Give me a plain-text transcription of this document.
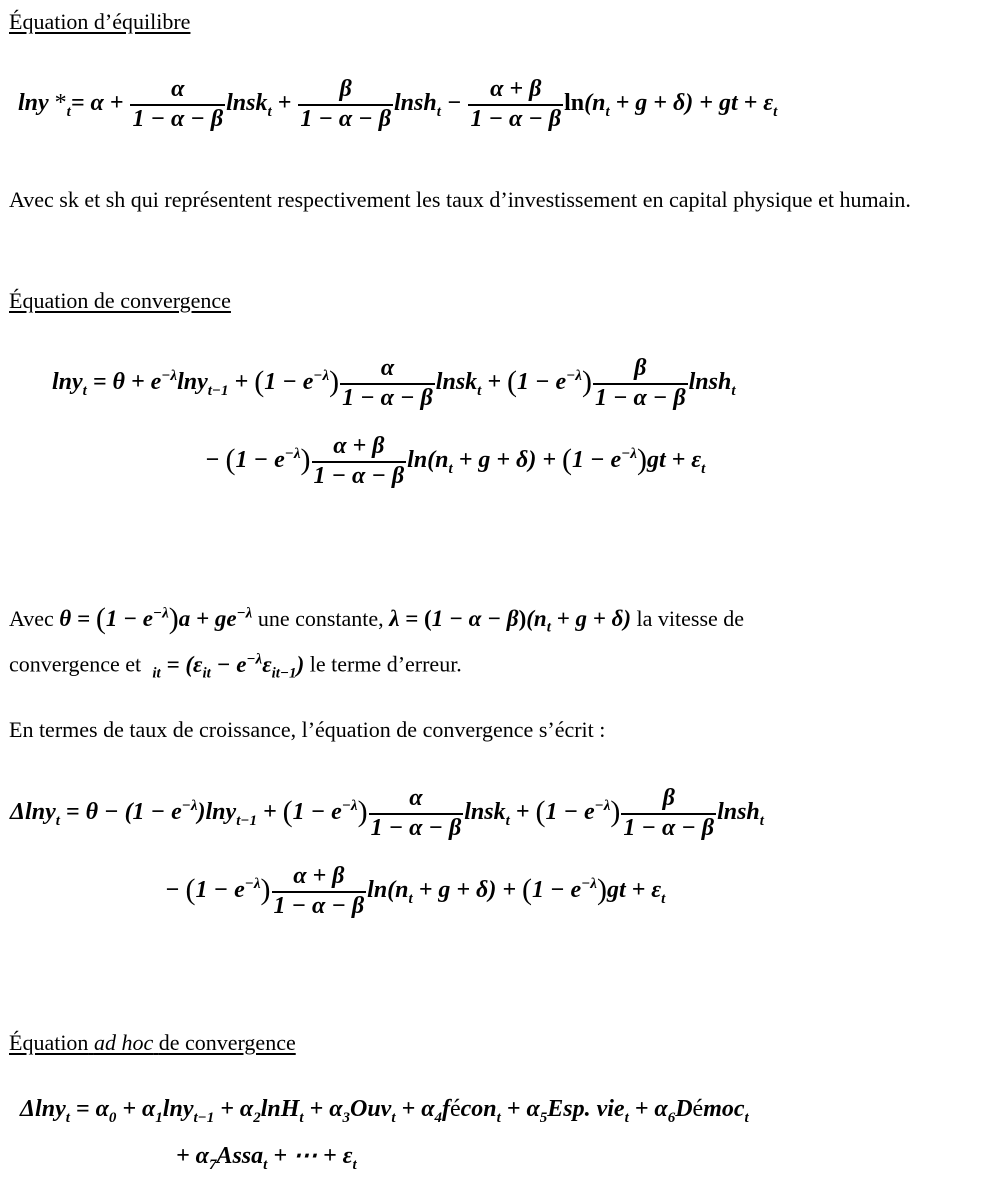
Équation d’équilibre
lny $*_t= \alpha + \frac{\alpha}{1 - \alpha - \beta}$ lnsk$_t$ + $\frac{\beta}{1 - \alpha - \beta}$ lnsh$_t$ − $\frac{\alpha + \beta}{1 - \alpha - \beta} \ln(n_t + g + \delta)$ + gt + $\varepsilon_t$
Avec sk et sh qui représentent respectivement les taux d’investissement en capital physique et humain.
Équation de convergence
$\ln y_t = \theta + e^{-\lambda}\ln y_{t-1} + (1 - e^{-\lambda}) \frac{\alpha}{1 - \alpha - \beta}$ lnsk$_t$ + $(1 - e^{-\lambda}) \frac{\beta}{1 - \alpha - \beta}$ lnsh$_t$
− $(1 - e^{-\lambda}) \frac{\alpha + \beta}{1 - \alpha - \beta} \ln(n_t + g + \delta) + (1 - e^{-\lambda})gt + \varepsilon_t$
Avec $\theta = (1 - e^{-\lambda})a + ge^{-\lambda}$ une constante, $\lambda = (1 - \alpha - \beta)(n_t + g + \delta)$ la vitesse de
convergence et $_{it} = (\varepsilon_{it} - e^{-\lambda}\varepsilon_{it-1})$ le terme d’erreur.
En termes de taux de croissance, l’équation de convergence s’écrit :
$\Delta\ln y_t = \theta - (1 - e^{-\lambda})\ln y_{t-1} + (1 - e^{-\lambda}) \frac{\alpha}{1 - \alpha - \beta}$ lnsk$_t$ + $(1 - e^{-\lambda}) \frac{\beta}{1 - \alpha - \beta}$ lnsh$_t$
− $(1 - e^{-\lambda}) \frac{\alpha + \beta}{1 - \alpha - \beta} \ln(n_t + g + \delta) + (1 - e^{-\lambda})gt + \varepsilon_t$
Équation ad hoc de convergence
$\Delta\ln y_t = \alpha_0 + \alpha_1\ln y_{t-1} + \alpha_2\ln H_t + \alpha_3Ouv_t$ + $\alpha_4fécon_t + \alpha_5Esp$. $vie_t + \alpha_6Démoc_t$
+ $\alpha_7Assa_t$ + ⋯ + $\varepsilon_t$
